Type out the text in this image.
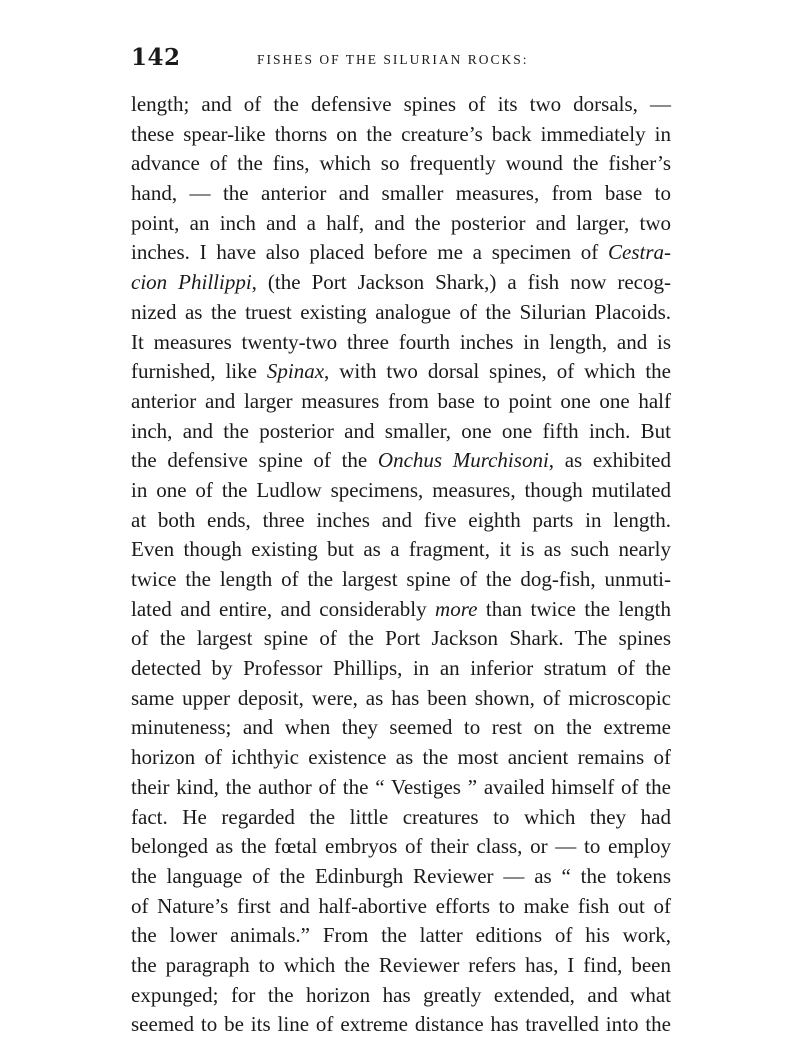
142	FISHES OF THE SILURIAN ROCKS:
length; and of the defensive spines of its two dorsals, —
these spear-like thorns on the creature’s back immediately in
advance of the fins, which so frequently wound the fisher’s
hand, — the anterior and smaller measures, from base to
point, an inch and a half, and the posterior and larger, two
inches. I have also placed before me a specimen of Cestra-
cion Phillippi, (the Port Jackson Shark,) a fish now recog-
nized as the truest existing analogue of the Silurian Placoids.
It measures twenty-two three fourth inches in length, and is
furnished, like Spinax, with two dorsal spines, of which the
anterior and larger measures from base to point one one half
inch, and the posterior and smaller, one one fifth inch. But
the defensive spine of the Onchus Murchisoni, as exhibited
in one of the Ludlow specimens, measures, though mutilated
at both ends, three inches and five eighth parts in length.
Even though existing but as a fragment, it is as such nearly
twice the length of the largest spine of the dog-fish, unmuti-
lated and entire, and considerably more than twice the length
of the largest spine of the Port Jackson Shark. The spines
detected by Professor Phillips, in an inferior stratum of the
same upper deposit, were, as has been shown, of microscopic
minuteness; and when they seemed to rest on the extreme
horizon of ichthyic existence as the most ancient remains of
their kind, the author of the “ Vestiges ” availed himself of the
fact. He regarded the little creatures to which they had
belonged as the fœtal embryos of their class, or — to employ
the language of the Edinburgh Reviewer — as “ the tokens
of Nature’s first and half-abortive efforts to make fish out of
the lower animals.” From the latter editions of his work,
the paragraph to which the Reviewer refers has, I find, been
expunged; for the horizon has greatly extended, and what
seemed to be its line of extreme distance has travelled into the
